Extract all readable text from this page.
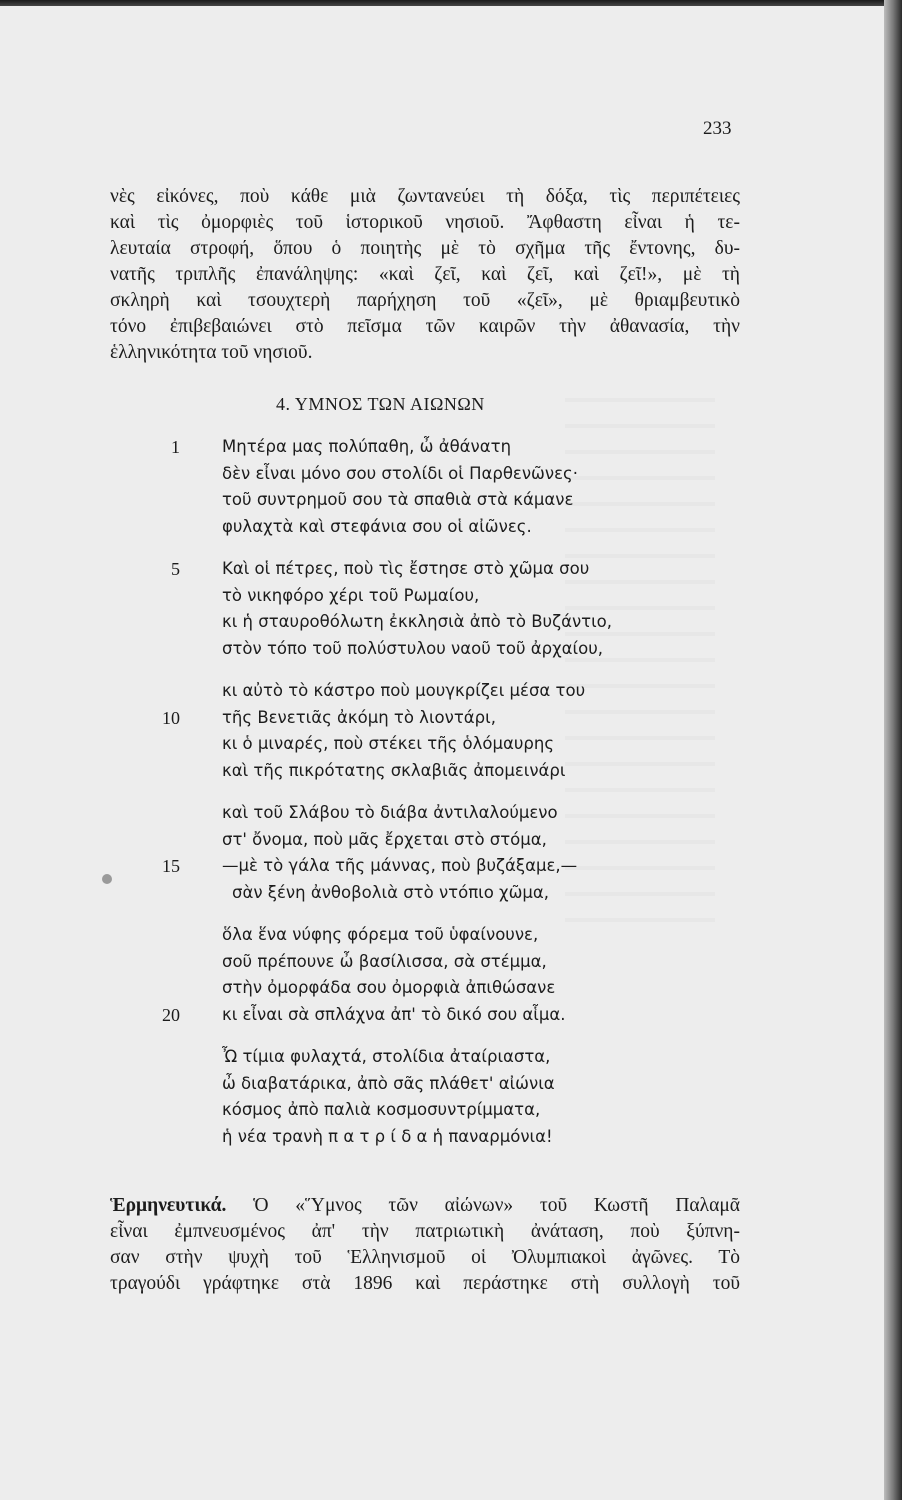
233
νὲς εἰκόνες, ποὺ κάθε μιὰ ζωντανεύει τὴ δόξα, τὶς περιπέτειες
καὶ τὶς ὀμορφιὲς τοῦ ἱστορικοῦ νησιοῦ. Ἄφθαστη εἶναι ἡ τε-
λευταία στροφή, ὅπου ὁ ποιητὴς μὲ τὸ σχῆμα τῆς ἔντονης, δυ-
νατῆς τριπλῆς ἐπανάληψης: «καὶ ζεῖ, καὶ ζεῖ, καὶ ζεῖ!», μὲ τὴ
σκληρὴ καὶ τσουχτερὴ παρήχηση τοῦ «ζεῖ», μὲ θριαμβευτικὸ
τόνο ἐπιβεβαιώνει στὸ πεῖσμα τῶν καιρῶν τὴν ἀθανασία, τὴν
ἑλληνικότητα τοῦ νησιοῦ.
4. ΥΜΝΟΣ ΤΩΝ ΑΙΩΝΩΝ
1	Μητέρα μας πολύπαθη, ὦ ἀθάνατη
δὲν εἶναι μόνο σου στολίδι οἱ Παρθενῶνες·
τοῦ συντρημοῦ σου τὰ σπαθιὰ στὰ κάμανε
φυλαχτὰ καὶ στεφάνια σου οἱ αἰῶνες.
5	Καὶ οἱ πέτρες, ποὺ τὶς ἔστησε στὸ χῶμα σου
τὸ νικηφόρο χέρι τοῦ Ρωμαίου,
κι ἡ σταυροθόλωτη ἐκκλησιὰ ἀπὸ τὸ Βυζάντιο,
στὸν τόπο τοῦ πολύστυλου ναοῦ τοῦ ἀρχαίου,
κι αὐτὸ τὸ κάστρο ποὺ μουγκρίζει μέσα του
10	τῆς Βενετιᾶς ἀκόμη τὸ λιοντάρι,
κι ὁ μιναρές, ποὺ στέκει τῆς ὁλόμαυρης
καὶ τῆς πικρότατης σκλαβιᾶς ἀπομεινάρι
καὶ τοῦ Σλάβου τὸ διάβα ἀντιλαλούμενο
στ' ὄνομα, ποὺ μᾶς ἔρχεται στὸ στόμα,
15	—μὲ τὸ γάλα τῆς μάννας, ποὺ βυζάξαμε,—
σὰν ξένη ἀνθοβολιὰ στὸ ντόπιο χῶμα,
ὅλα ἕνα νύφης φόρεμα τοῦ ὑφαίνουνε,
σοῦ πρέπουνε ὦ βασίλισσα, σὰ στέμμα,
στὴν ὀμορφάδα σου ὀμορφιὰ ἀπιθώσανε
20	κι εἶναι σὰ σπλάχνα ἀπ' τὸ δικό σου αἷμα.
Ὦ τίμια φυλαχτά, στολίδια ἀταίριαστα,
ὦ διαβατάρικα, ἀπὸ σᾶς πλάθετ' αἰώνια
κόσμος ἀπὸ παλιὰ κοσμοσυντρίμματα,
ἡ νέα τρανὴ π α τ ρ ί δ α ἡ παναρμόνια!
Ἑρμηνευτικά. Ὁ «Ὕμνος τῶν αἰώνων» τοῦ Κωστῆ Παλαμᾶ
εἶναι ἐμπνευσμένος ἀπ' τὴν πατριωτικὴ ἀνάταση, ποὺ ξύπνη-
σαν στὴν ψυχὴ τοῦ Ἑλληνισμοῦ οἱ Ὀλυμπιακοὶ ἀγῶνες. Τὸ
τραγούδι γράφτηκε στὰ 1896 καὶ περάστηκε στὴ συλλογὴ τοῦ
